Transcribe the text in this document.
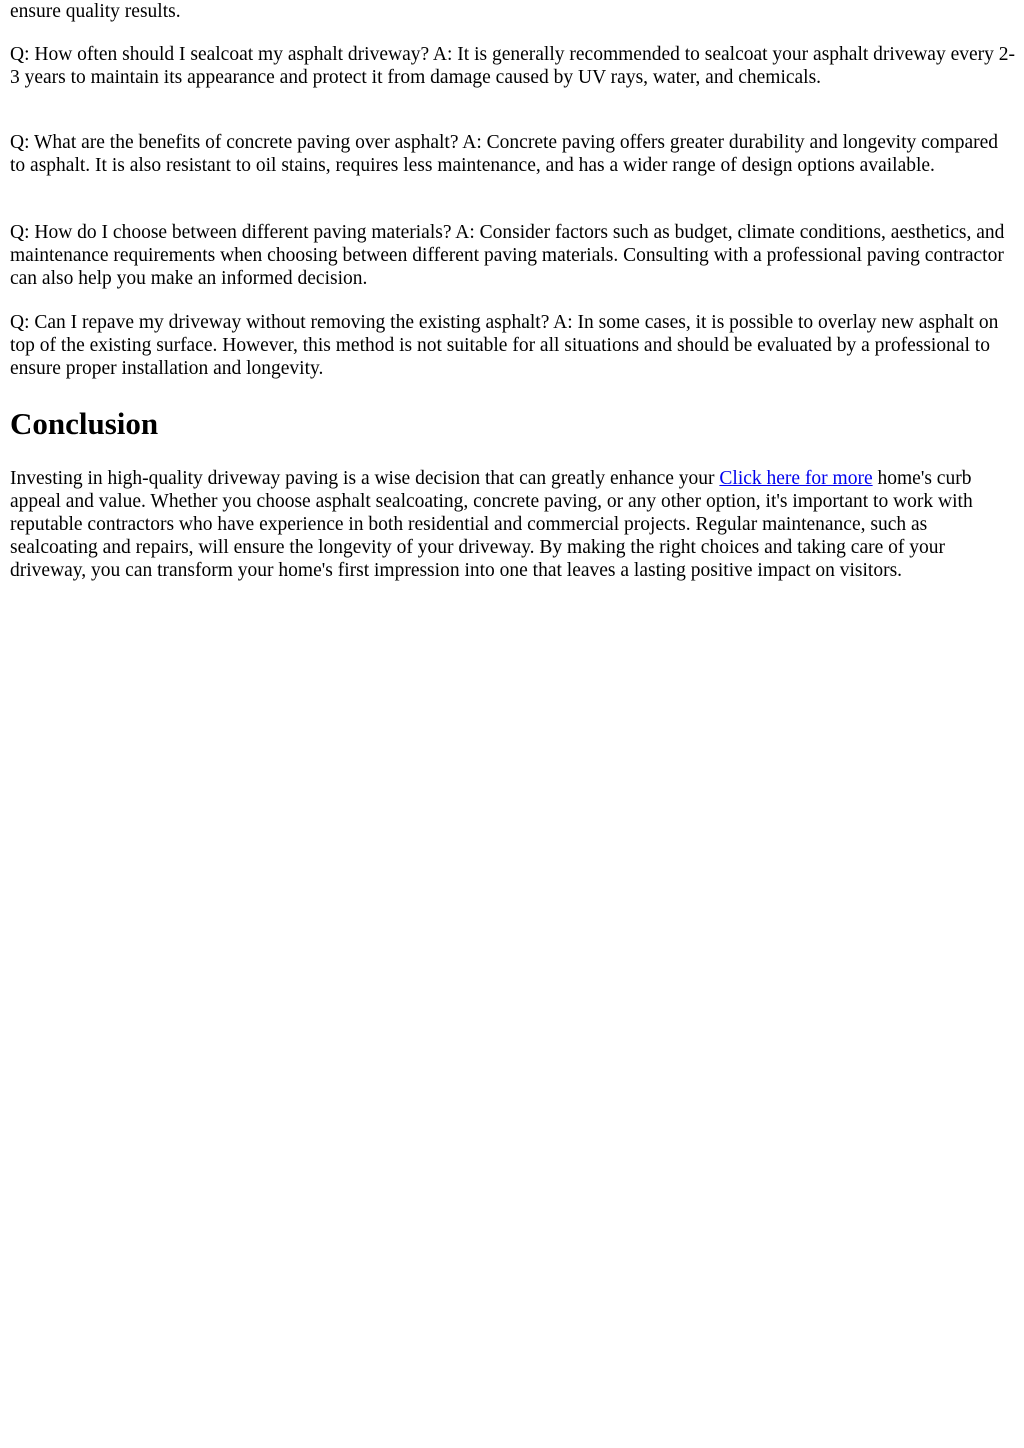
ensure quality results.

Q: How often should I sealcoat my asphalt driveway? A: It is generally recommended to sealcoat your asphalt driveway every 2-3 years to maintain its appearance and protect it from damage caused by UV rays, water, and chemicals.

Q: What are the benefits of concrete paving over asphalt? A: Concrete paving offers greater durability and longevity compared to asphalt. It is also resistant to oil stains, requires less maintenance, and has a wider range of design options available.

Q: How do I choose between different paving materials? A: Consider factors such as budget, climate conditions, aesthetics, and maintenance requirements when choosing between different paving materials. Consulting with a professional paving contractor can also help you make an informed decision.

Q: Can I repave my driveway without removing the existing asphalt? A: In some cases, it is possible to overlay new asphalt on top of the existing surface. However, this method is not suitable for all situations and should be evaluated by a professional to ensure proper installation and longevity.

Conclusion

Investing in high-quality driveway paving is a wise decision that can greatly enhance your Click here for more home's curb appeal and value. Whether you choose asphalt sealcoating, concrete paving, or any other option, it's important to work with reputable contractors who have experience in both residential and commercial projects. Regular maintenance, such as sealcoating and repairs, will ensure the longevity of your driveway. By making the right choices and taking care of your driveway, you can transform your home's first impression into one that leaves a lasting positive impact on visitors.
